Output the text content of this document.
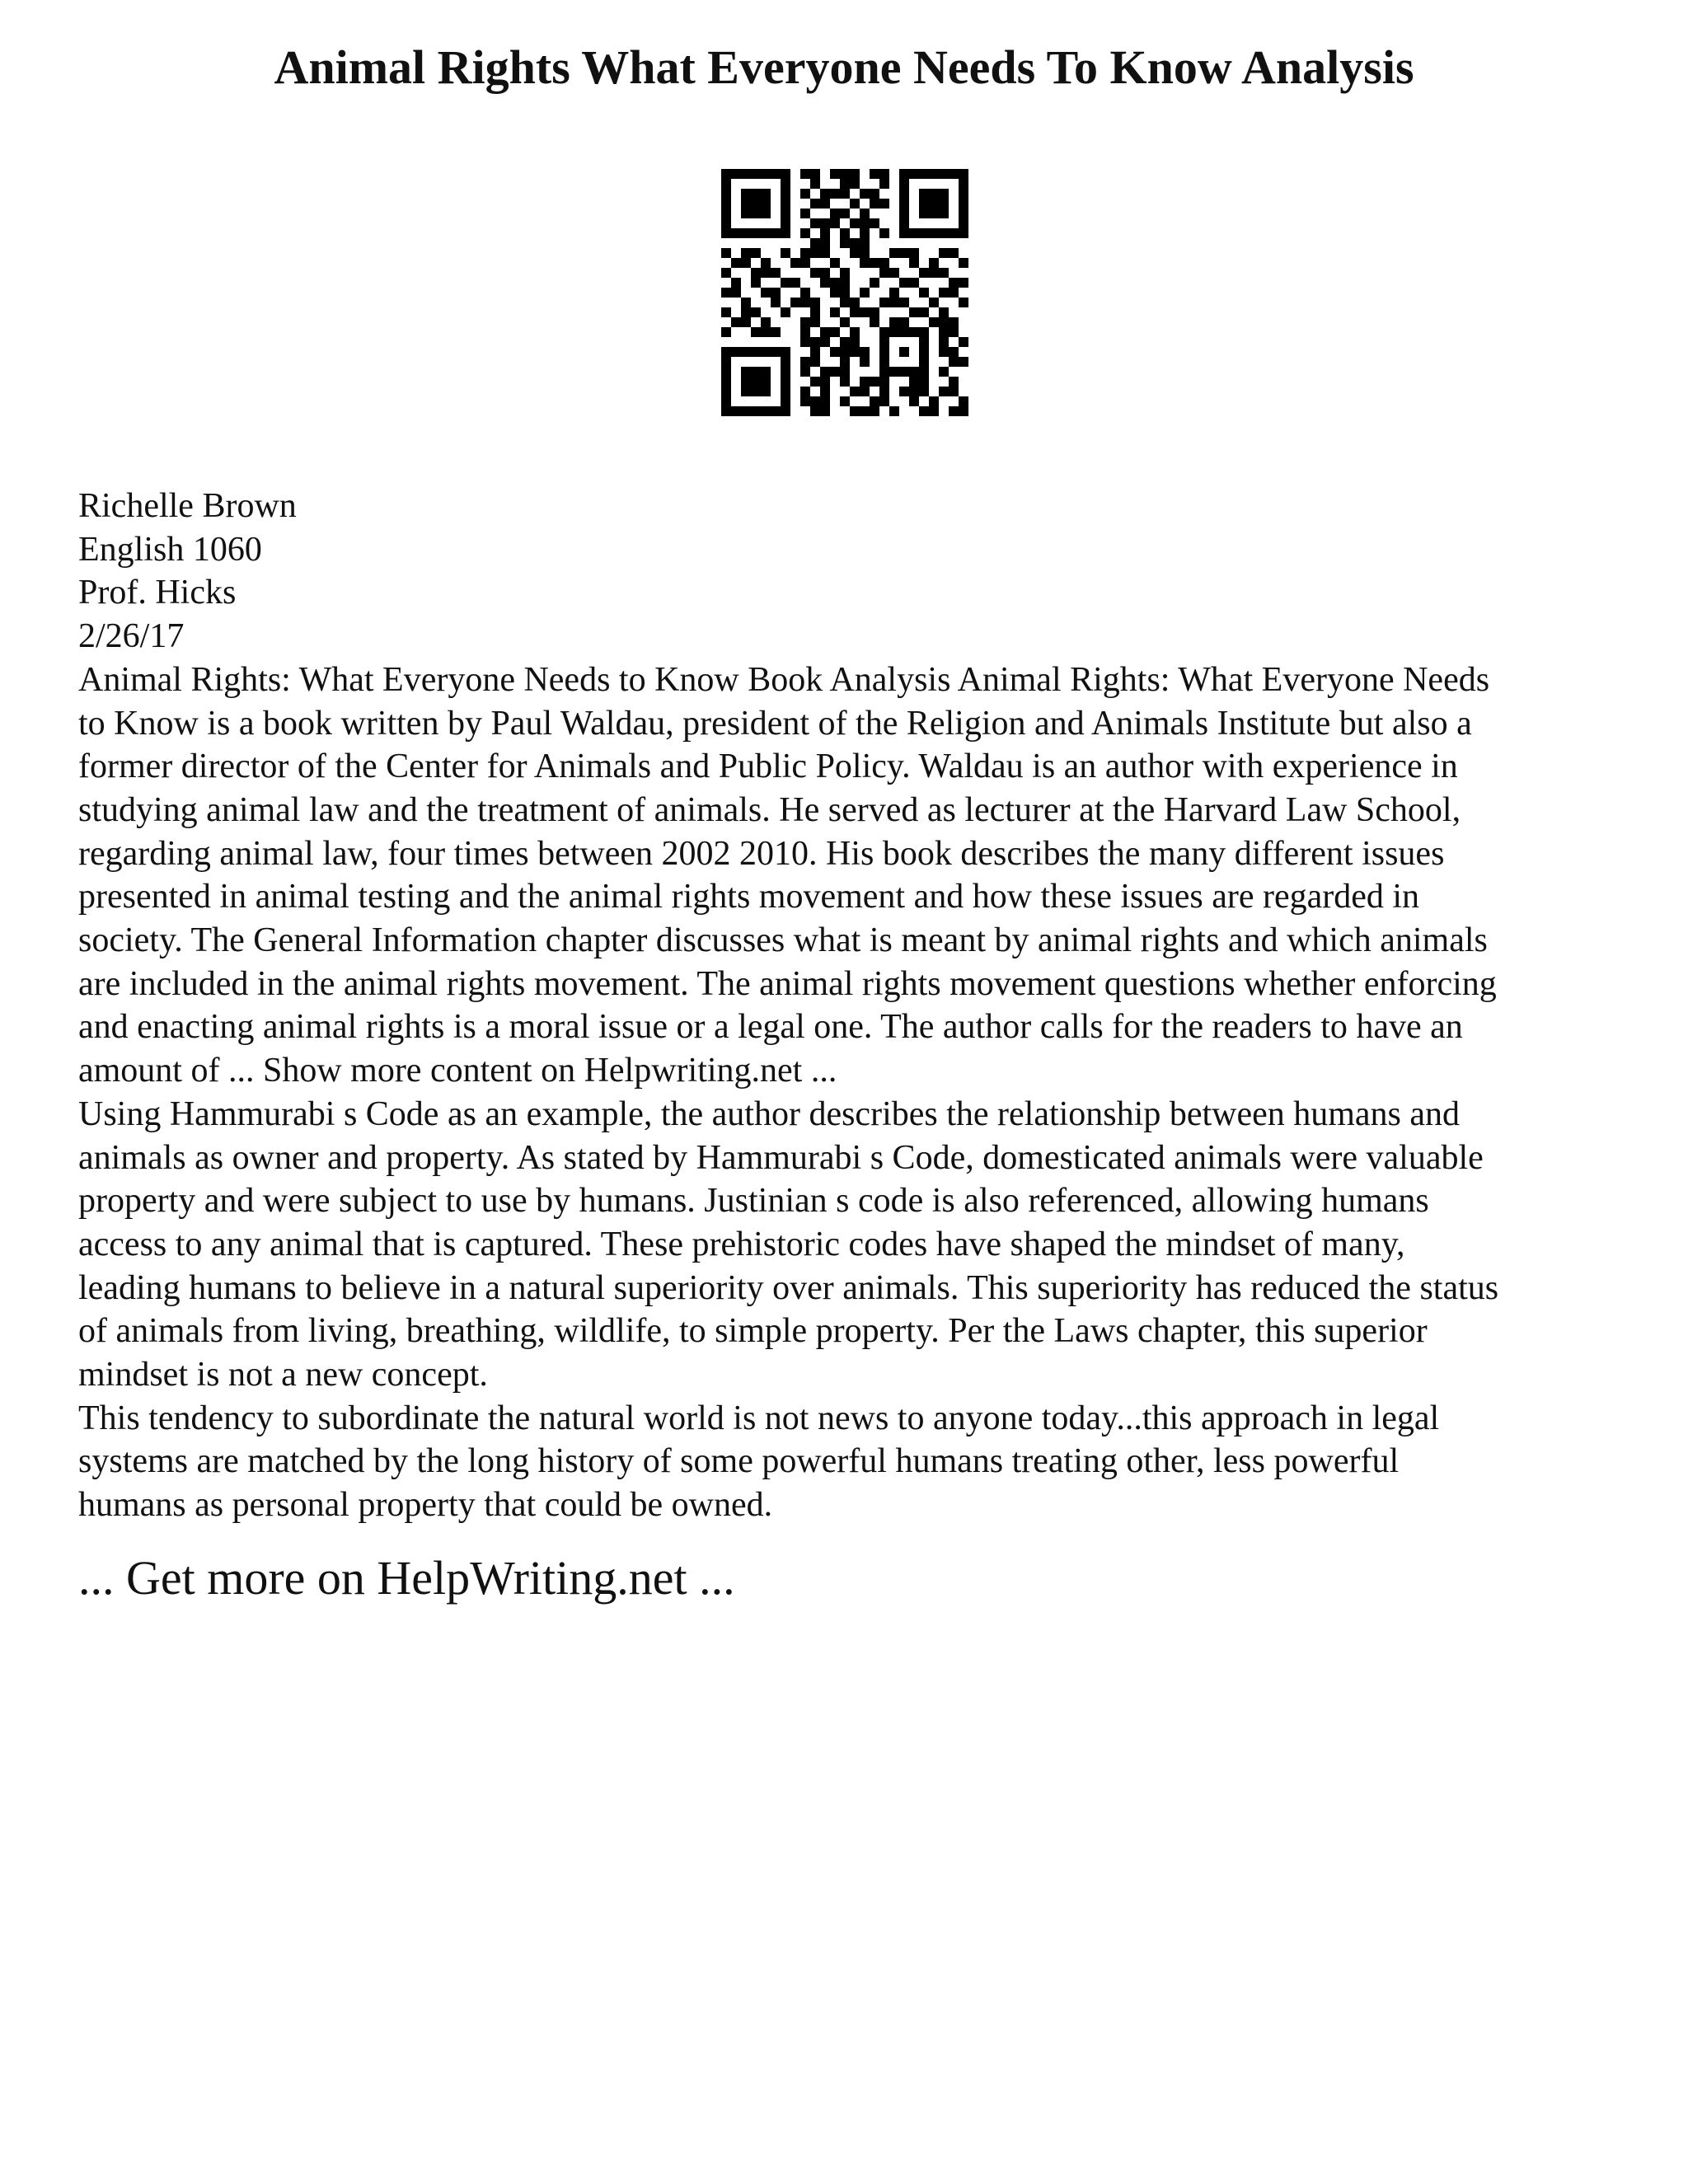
Animal Rights What Everyone Needs To Know Analysis
Richelle Brown
English 1060
Prof. Hicks
2/26/17
Animal Rights: What Everyone Needs to Know Book Analysis Animal Rights: What Everyone Needs
to Know is a book written by Paul Waldau, president of the Religion and Animals Institute but also a
former director of the Center for Animals and Public Policy. Waldau is an author with experience in
studying animal law and the treatment of animals. He served as lecturer at the Harvard Law School,
regarding animal law, four times between 2002 2010. His book describes the many different issues
presented in animal testing and the animal rights movement and how these issues are regarded in
society. The General Information chapter discusses what is meant by animal rights and which animals
are included in the animal rights movement. The animal rights movement questions whether enforcing
and enacting animal rights is a moral issue or a legal one. The author calls for the readers to have an
amount of ... Show more content on Helpwriting.net ...
Using Hammurabi s Code as an example, the author describes the relationship between humans and
animals as owner and property. As stated by Hammurabi s Code, domesticated animals were valuable
property and were subject to use by humans. Justinian s code is also referenced, allowing humans
access to any animal that is captured. These prehistoric codes have shaped the mindset of many,
leading humans to believe in a natural superiority over animals. This superiority has reduced the status
of animals from living, breathing, wildlife, to simple property. Per the Laws chapter, this superior
mindset is not a new concept.
This tendency to subordinate the natural world is not news to anyone today...this approach in legal
systems are matched by the long history of some powerful humans treating other, less powerful
humans as personal property that could be owned.
... Get more on HelpWriting.net ...
